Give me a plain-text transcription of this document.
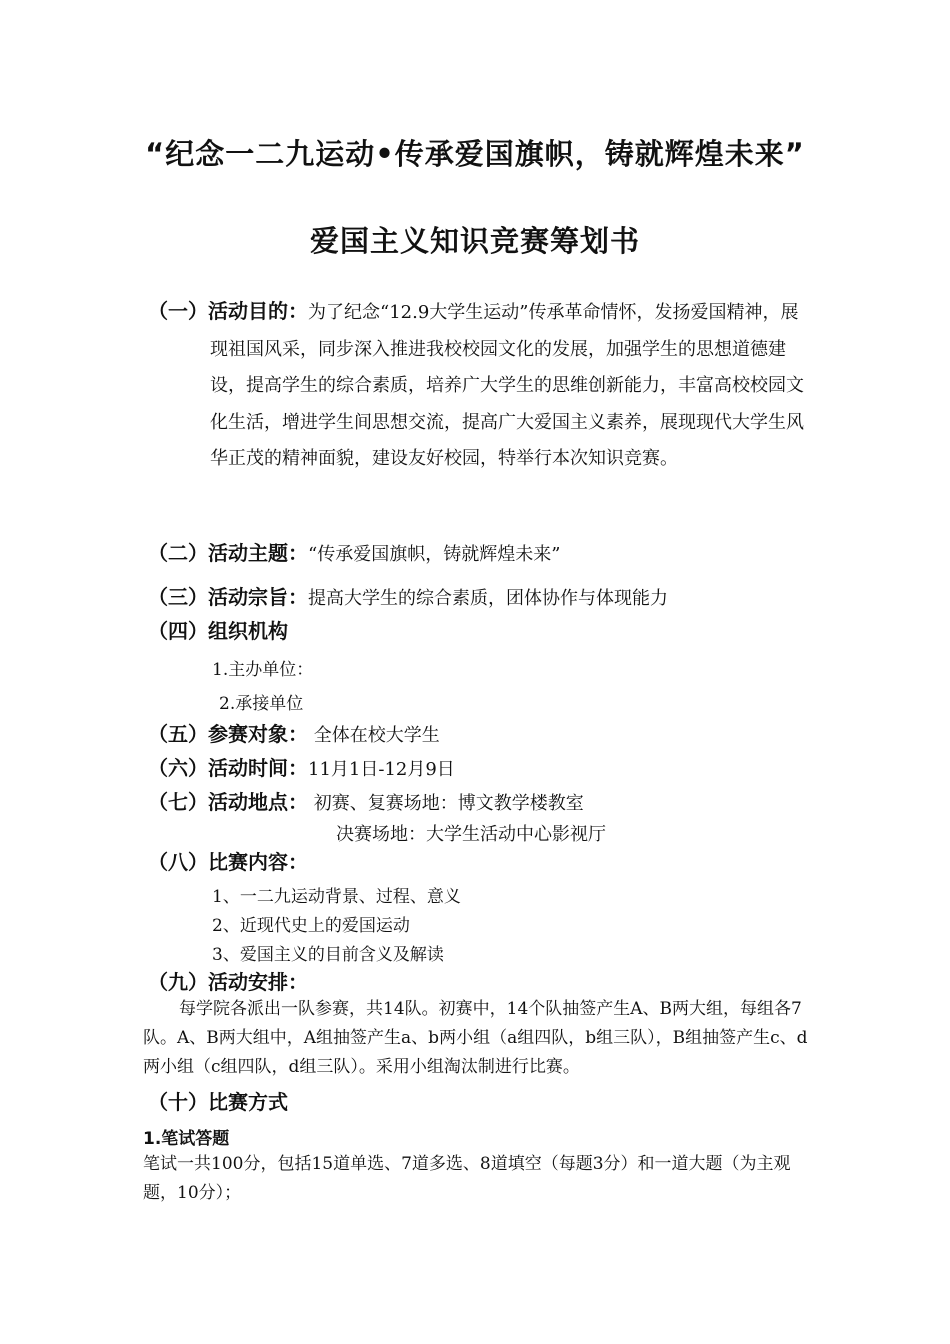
“纪念一二九运动•传承爱国旗帜，铸就辉煌未来”
爱国主义知识竞赛筹划书
（一）活动目的：为了纪念“12.9大学生运动”传承革命情怀，发扬爱国精神，展现祖国风采，同步深入推进我校校园文化的发展，加强学生的思想道德建设，提高学生的综合素质，培养广大学生的思维创新能力，丰富高校校园文化生活，增进学生间思想交流，提高广大爱国主义素养，展现现代大学生风华正茂的精神面貌，建设友好校园，特举行本次知识竞赛。
（二）活动主题：“传承爱国旗帜，铸就辉煌未来”
（三）活动宗旨：提高大学生的综合素质，团体协作与体现能力
（四）组织机构
1.主办单位：
2.承接单位
（五）参赛对象： 全体在校大学生
（六）活动时间：11月1日-12月9日
（七）活动地点： 初赛、复赛场地：博文教学楼教室
决赛场地：大学生活动中心影视厅
（八）比赛内容：
1、一二九运动背景、过程、意义
2、近现代史上的爱国运动
3、爱国主义的目前含义及解读
（九）活动安排：
每学院各派出一队参赛，共14队。初赛中，14个队抽签产生A、B两大组，每组各7队。A、B两大组中，A组抽签产生a、b两小组（a组四队，b组三队），B组抽签产生c、d两小组（c组四队，d组三队）。采用小组淘汰制进行比赛。
（十）比赛方式
1.笔试答题
笔试一共100分，包括15道单选、7道多选、8道填空（每题3分）和一道大题（为主观题，10分）；
